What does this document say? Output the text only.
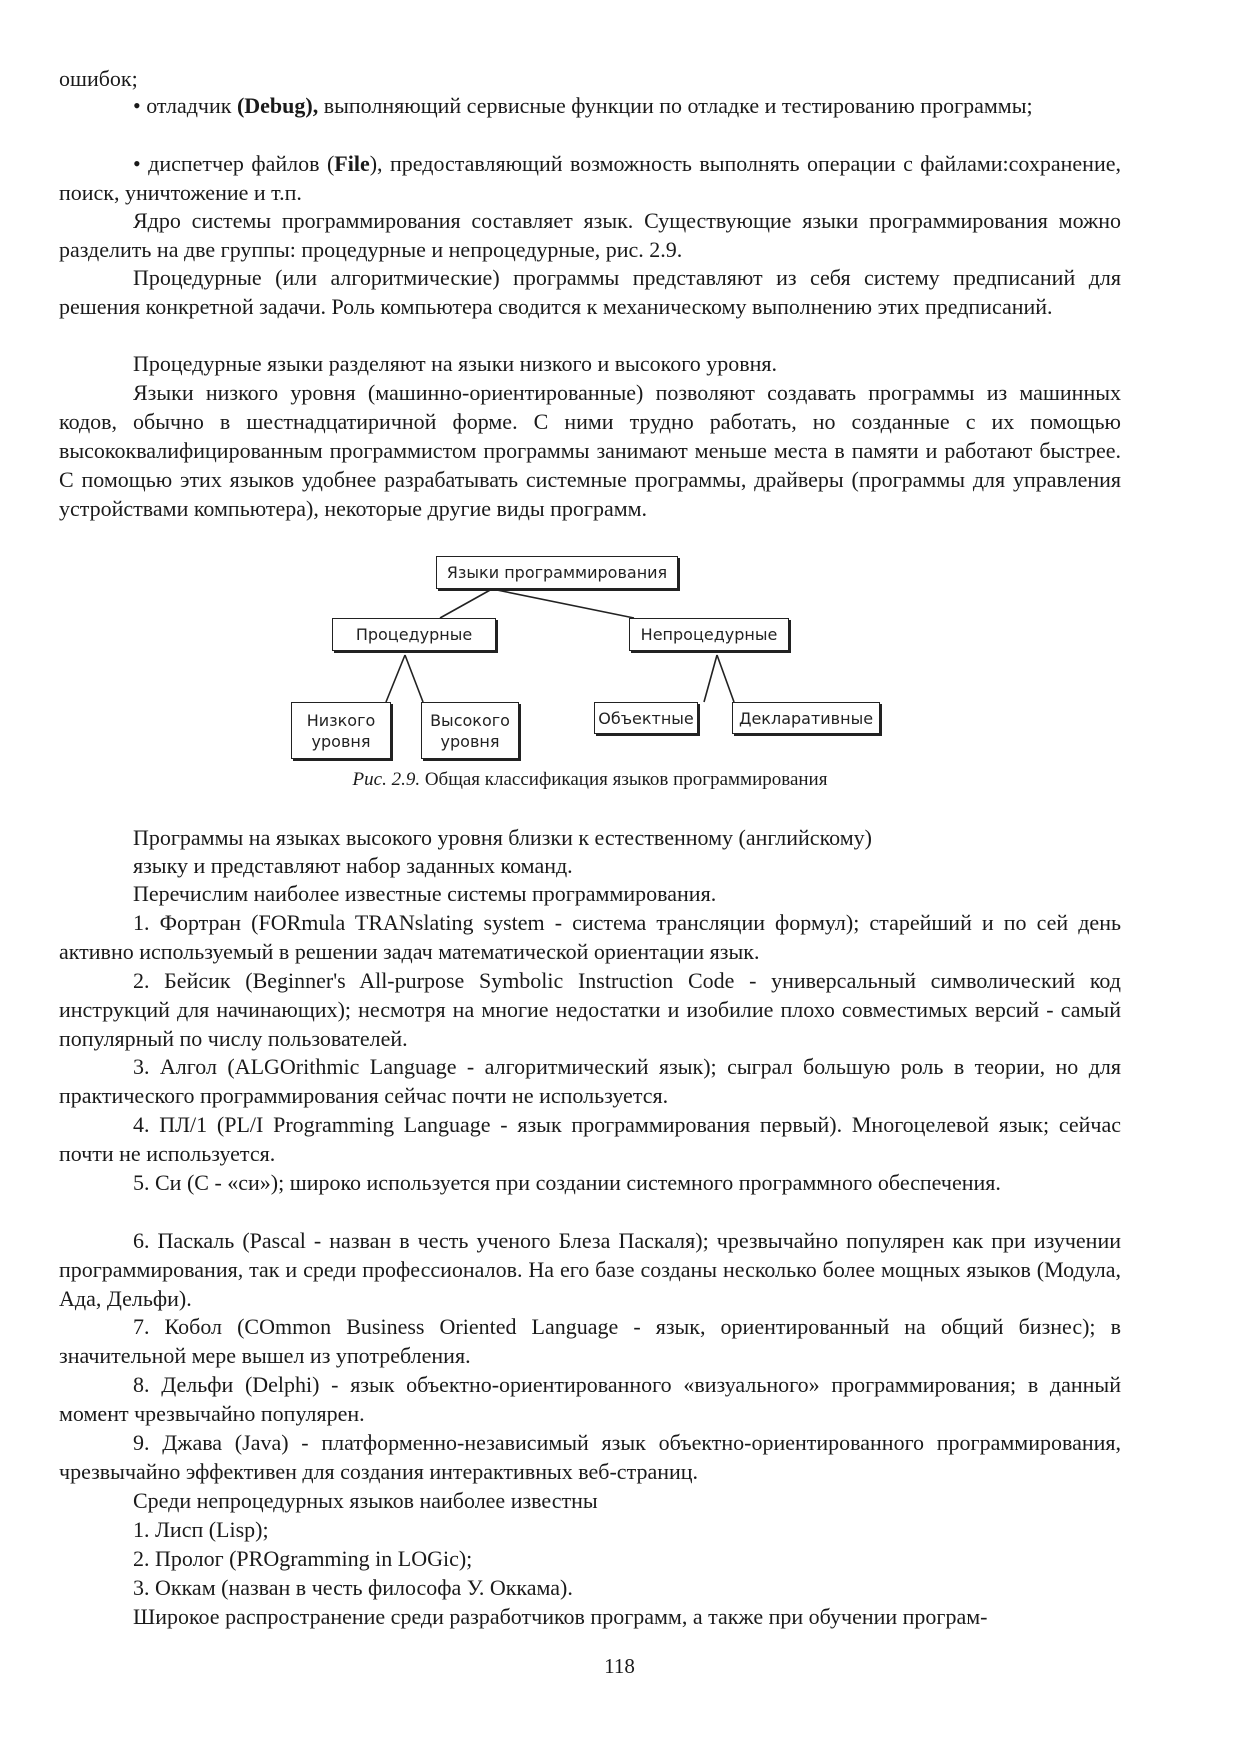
ошибок;

• отладчик (Debug), выполняющий сервисные функции по отладке и тестированию программы;

• диспетчер файлов (File), предоставляющий возможность выполнять операции с файлами:сохранение, поиск, уничтожение и т.п.

Ядро системы программирования составляет язык. Существующие языки программирования можно разделить на две группы: процедурные и непроцедурные, рис. 2.9.

Процедурные (или алгоритмические) программы представляют из себя систему предписаний для решения конкретной задачи. Роль компьютера сводится к механическому выполнению этих предписаний.

Процедурные языки разделяют на языки низкого и высокого уровня.

Языки низкого уровня (машинно-ориентированные) позволяют создавать программы из машинных кодов, обычно в шестнадцатиричной форме. С ними трудно работать, но созданные с их помощью высококвалифицированным программистом программы занимают меньше места в памяти и работают быстрее. С помощью этих языков удобнее разрабатывать системные программы, драйверы (программы для управления устройствами компьютера), некоторые другие виды программ.

Языки программирования
Процедурные	Непроцедурные
Низкого
уровня
Высокого
уровня
Объектные	Декларативные
Рис. 2.9. Общая классификация языков программирования

Программы на языках высокого уровня близки к естественному (английскому)

языку и представляют набор заданных команд.

Перечислим наиболее известные системы программирования.

1. Фортран (FORmula TRANslating system - система трансляции формул); старейший и по сей день активно используемый в решении задач математической ориентации язык.

2. Бейсик (Beginner's All-purpose Symbolic Instruction Code - универсальный символический код инструкций для начинающих); несмотря на многие недостатки и изобилие плохо совместимых версий - самый популярный по числу пользователей.

3. Алгол (ALGOrithmic Language - алгоритмический язык); сыграл большую роль в теории, но для практического программирования сейчас почти не используется.

4. ПЛ/1 (PL/I Programming Language - язык программирования первый). Многоцелевой язык; сейчас почти не используется.

5. Си (С - «си»); широко используется при создании системного программного обеспечения.

6. Паскаль (Pascal - назван в честь ученого Блеза Паскаля); чрезвычайно популярен как при изучении программирования, так и среди профессионалов. На его базе созданы несколько более мощных языков (Модула, Ада, Дельфи).

7. Кобол (COmmon Business Oriented Language - язык, ориентированный на общий бизнес); в значительной мере вышел из употребления.

8. Дельфи (Delphi) - язык объектно-ориентированного «визуального» программирования; в данный момент чрезвычайно популярен.

9. Джава (Java) - платформенно-независимый язык объектно-ориентированного программирования, чрезвычайно эффективен для создания интерактивных веб-страниц.

Среди непроцедурных языков наиболее известны

1. Лисп (Lisp);

2. Пролог (PROgramming in LOGic);

3. Оккам (назван в честь философа У. Оккама).

Широкое распространение среди разработчиков программ, а также при обучении програм-

118
